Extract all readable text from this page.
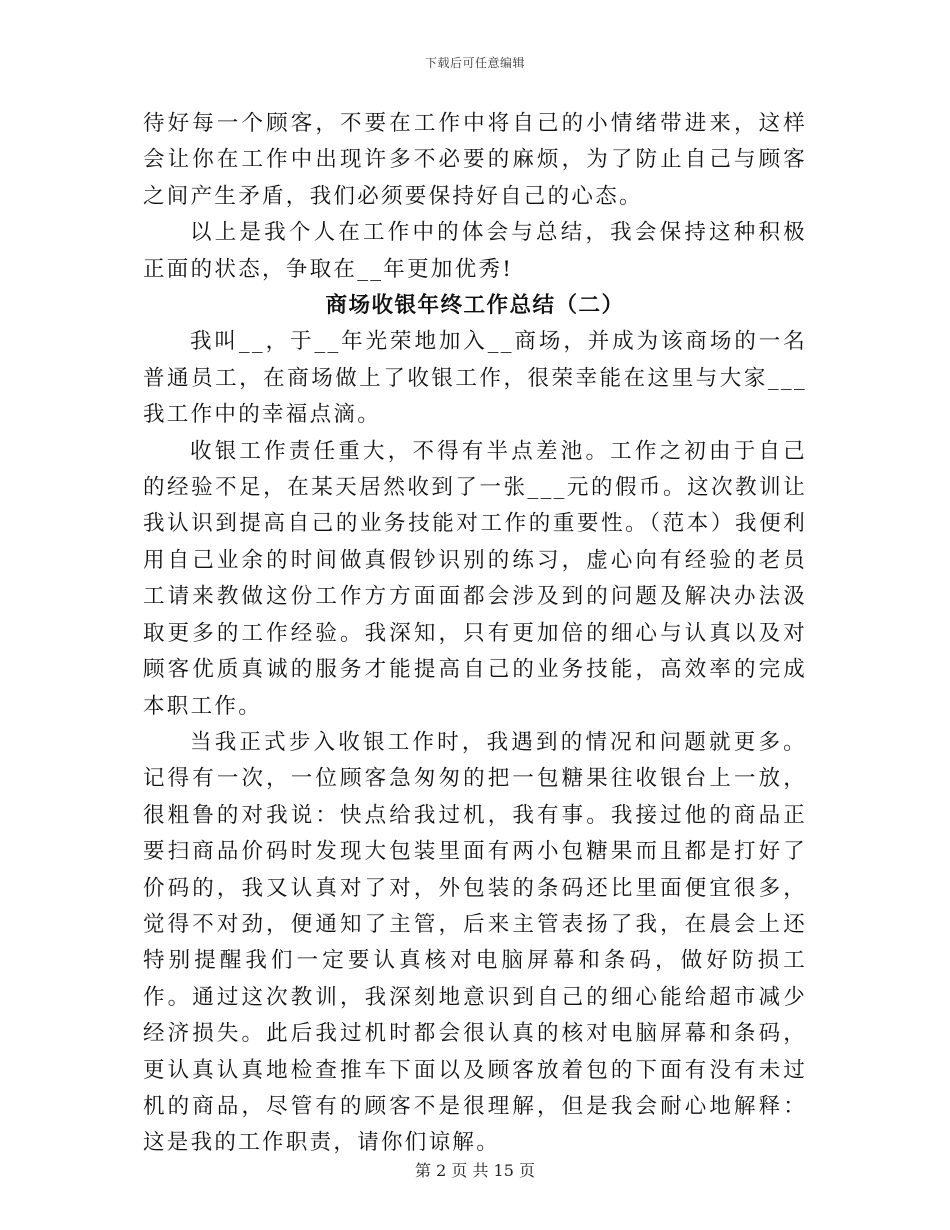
下载后可任意编辑

待好每一个顾客，不要在工作中将自己的小情绪带进来，这样会让你在工作中出现许多不必要的麻烦，为了防止自己与顾客之间产生矛盾，我们必须要保持好自己的心态。

以上是我个人在工作中的体会与总结，我会保持这种积极正面的状态，争取在__年更加优秀!

商场收银年终工作总结（二）

我叫__，于__年光荣地加入__商场，并成为该商场的一名普通员工，在商场做上了收银工作，很荣幸能在这里与大家___我工作中的幸福点滴。

收银工作责任重大，不得有半点差池。工作之初由于自己的经验不足，在某天居然收到了一张___元的假币。这次教训让我认识到提高自己的业务技能对工作的重要性。（范本）我便利用自己业余的时间做真假钞识别的练习，虚心向有经验的老员工请来教做这份工作方方面面都会涉及到的问题及解决办法汲取更多的工作经验。我深知，只有更加倍的细心与认真以及对顾客优质真诚的服务才能提高自己的业务技能，高效率的完成本职工作。

当我正式步入收银工作时，我遇到的情况和问题就更多。记得有一次，一位顾客急匆匆的把一包糖果往收银台上一放，很粗鲁的对我说：快点给我过机，我有事。我接过他的商品正要扫商品价码时发现大包装里面有两小包糖果而且都是打好了价码的，我又认真对了对，外包装的条码还比里面便宜很多，觉得不对劲，便通知了主管，后来主管表扬了我，在晨会上还特别提醒我们一定要认真核对电脑屏幕和条码，做好防损工作。通过这次教训，我深刻地意识到自己的细心能给超市减少经济损失。此后我过机时都会很认真的核对电脑屏幕和条码，更认真认真地检查推车下面以及顾客放着包的下面有没有未过机的商品，尽管有的顾客不是很理解，但是我会耐心地解释：这是我的工作职责，请你们谅解。

第 2 页 共 15 页
